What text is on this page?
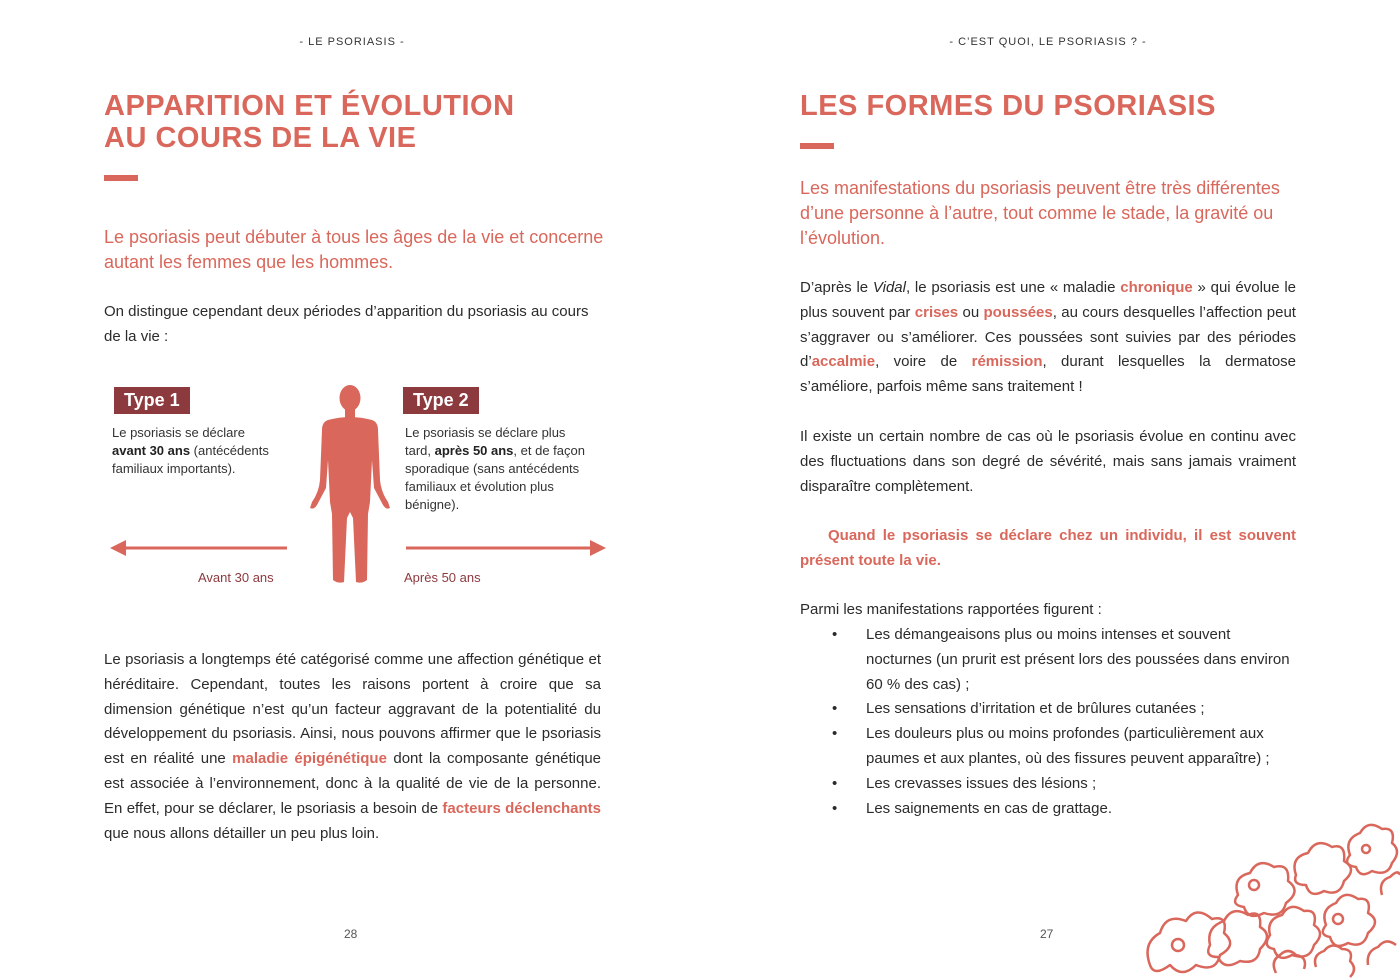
- LE PSORIASIS -
APPARITION ET ÉVOLUTION
AU COURS DE LA VIE

Le psoriasis peut débuter à tous les âges de la vie et concerne autant les femmes que les hommes.

On distingue cependant deux périodes d’apparition du psoriasis au cours de la vie :

Type 1

Le psoriasis se déclare
avant 30 ans (antécédents familiaux importants).

Type 2

Le psoriasis se déclare plus tard, après 50 ans, et de façon sporadique (sans antécédents familiaux et évolution plus bénigne).

Avant 30 ans	Après 50 ans

Le psoriasis a longtemps été catégorisé comme une affection génétique et héréditaire. Cependant, toutes les raisons portent à croire que sa dimension génétique n’est qu’un facteur aggravant de la potentialité du développement du psoriasis. Ainsi, nous pouvons affirmer que le psoriasis est en réalité une maladie épigénétique dont la composante génétique est associée à l’environnement, donc à la qualité de vie de la personne. En effet, pour se déclarer, le psoriasis a besoin de facteurs déclenchants que nous allons détailler un peu plus loin.

28
- C’EST QUOI, LE PSORIASIS ? -
LES FORMES DU PSORIASIS

Les manifestations du psoriasis peuvent être très différentes d’une personne à l’autre, tout comme le stade, la gravité ou l’évolution.

D’après le Vidal, le psoriasis est une « maladie chronique » qui évolue le plus souvent par crises ou poussées, au cours desquelles l’affection peut s’aggraver ou s’améliorer. Ces poussées sont suivies par des périodes d’accalmie, voire de rémission, durant lesquelles la dermatose s’améliore, parfois même sans traitement !

Il existe un certain nombre de cas où le psoriasis évolue en continu avec des fluctuations dans son degré de sévérité, mais sans jamais vraiment disparaître complètement.

Quand le psoriasis se déclare chez un individu, il est souvent présent toute la vie.

Parmi les manifestations rapportées figurent :

• Les démangeaisons plus ou moins intenses et souvent nocturnes (un prurit est présent lors des poussées dans environ 60 % des cas) ;
• Les sensations d’irritation et de brûlures cutanées ;
• Les douleurs plus ou moins profondes (particulièrement aux paumes et aux plantes, où des fissures peuvent apparaître) ;
• Les crevasses issues des lésions ;
• Les saignements en cas de grattage.
27
